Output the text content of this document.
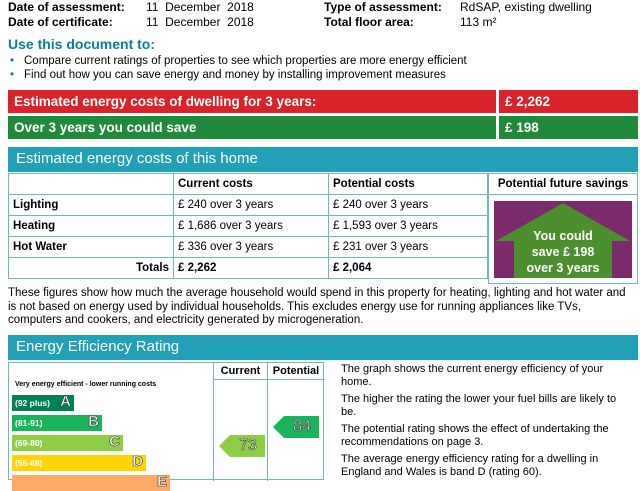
Date of assessment: 11  December  2018
Date of certificate:	11  December  2018
Type of assessment: RdSAP, existing dwelling
Total floor area:	113 m²
Use this document to:
• Compare current ratings of properties to see which properties are more energy efficient
• Find out how you can save energy and money by installing improvement measures
Estimated energy costs of dwelling for 3 years:	£ 2,262
Over 3 years you could save	£ 198
Estimated energy costs of this home
	Current costs	Potential costs
Lighting	£ 240 over 3 years	£ 240 over 3 years
Heating	£ 1,686 over 3 years	£ 1,593 over 3 years
Hot Water	£ 336 over 3 years	£ 231 over 3 years
Totals	£ 2,262	£ 2,064
Potential future savings
You could
save £ 198
over 3 years
These figures show how much the average household would spend in this property for heating, lighting and hot water and is not based on energy used by individual households. This excludes energy use for running appliances like TVs, computers and cookers, and electricity generated by microgeneration.
Energy Efficiency Rating
Very energy efficient - lower running costs
Current	Potential
(92 plus) A
(81-91)	B
(69-80)	C
(55-68)	D
E
73
84
The graph shows the current energy efficiency of your home.
The higher the rating the lower your fuel bills are likely to be.
The potential rating shows the effect of undertaking the recommendations on page 3.
The average energy efficiency rating for a dwelling in England and Wales is band D (rating 60).
